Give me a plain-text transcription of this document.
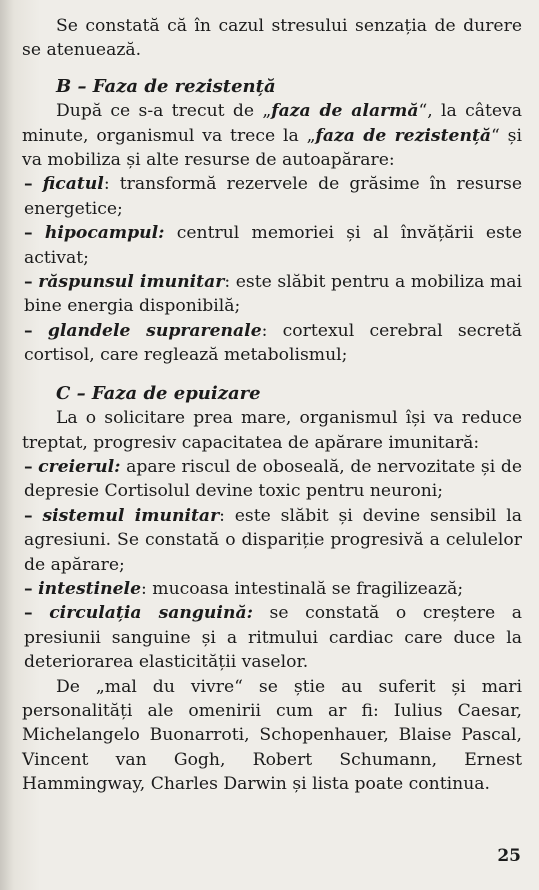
Se constată că în cazul stresului senzația de durere se atenuează.

B – Faza de rezistență

După ce s-a trecut de „faza de alarmă“, la câteva minute, organismul va trece la „faza de rezistență“ și va mobiliza și alte resurse de autoapărare:

– ficatul: transformă rezervele de grăsime în resurse energetice;

– hipocampul: centrul memoriei și al învățării este activat;

– răspunsul imunitar: este slăbit pentru a mobiliza mai bine energia disponibilă;

– glandele suprarenale: cortexul cerebral secretă cortisol, care reglează metabolismul;

C – Faza de epuizare

La o solicitare prea mare, organismul își va reduce treptat, progresiv capacitatea de apărare imunitară:

– creierul: apare riscul de oboseală, de nervozitate și de depresie Cortisolul devine toxic pentru neuroni;

– sistemul imunitar: este slăbit și devine sensibil la agresiuni. Se constată o dispariție progresivă a celulelor de apărare;

– intestinele: mucoasa intestinală se fragilizează;

– circulația sanguină: se constată o creștere a presiunii sanguine și a ritmului cardiac care duce la deteriorarea elasticității vaselor.

De „mal du vivre“ se știe au suferit și mari personalități ale omenirii cum ar fi: Iulius Caesar, Michelangelo Buonarroti, Schopenhauer, Blaise Pascal, Vincent van Gogh, Robert Schumann, Ernest Hammingway, Charles Darwin și lista poate continua.

25
